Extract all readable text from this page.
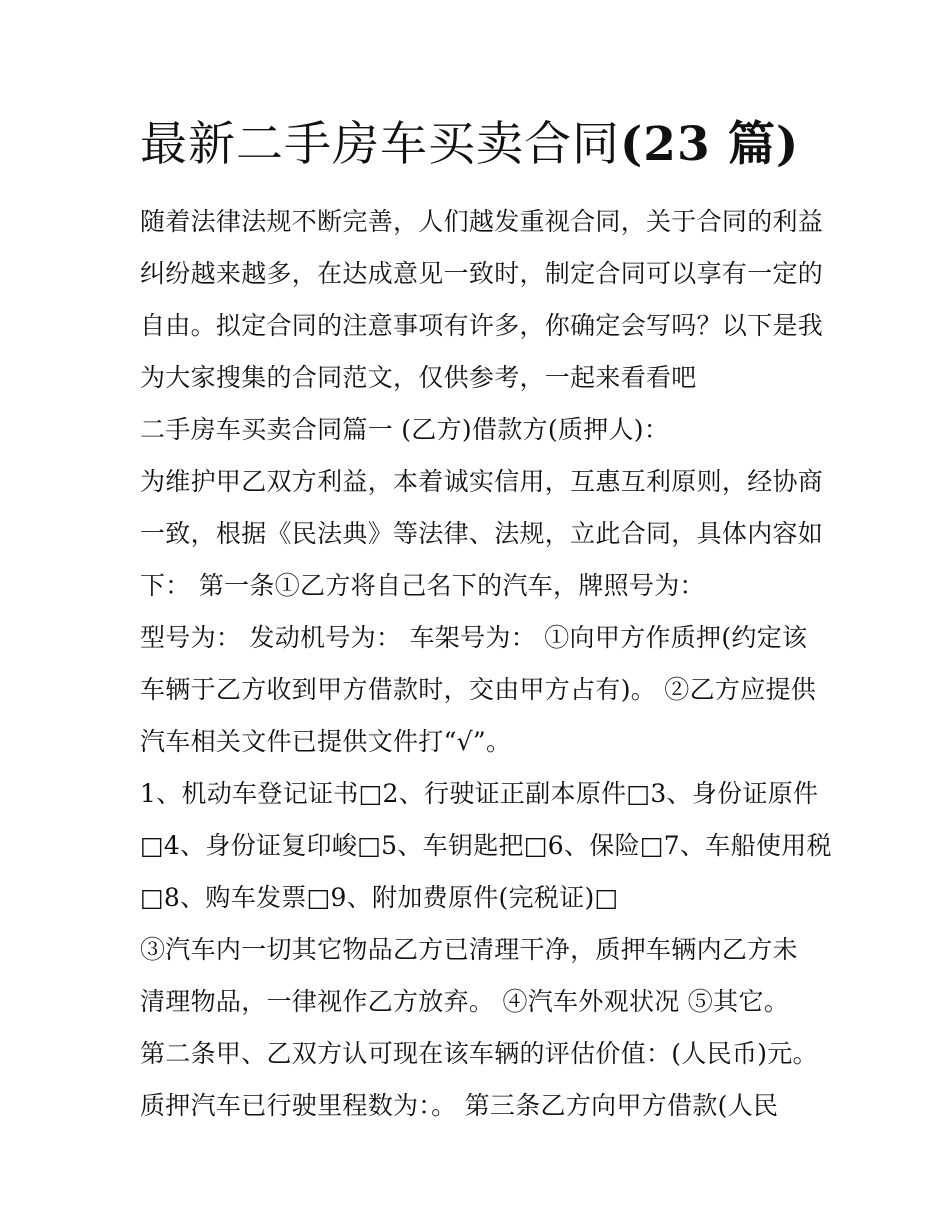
最新二手房车买卖合同(23 篇)
随着法律法规不断完善，人们越发重视合同，关于合同的利益
纠纷越来越多，在达成意见一致时，制定合同可以享有一定的
自由。拟定合同的注意事项有许多，你确定会写吗？以下是我
为大家搜集的合同范文，仅供参考，一起来看看吧
二手房车买卖合同篇一 (乙方)借款方(质押人)：
为维护甲乙双方利益，本着诚实信用，互惠互利原则，经协商
一致，根据《民法典》等法律、法规，立此合同，具体内容如
下： 第一条①乙方将自己名下的汽车，牌照号为：
型号为： 发动机号为： 车架号为： ①向甲方作质押(约定该
车辆于乙方收到甲方借款时，交由甲方占有)。 ②乙方应提供
汽车相关文件已提供文件打“√”。
1、机动车登记证书□2、行驶证正副本原件□3、身份证原件
□4、身份证复印峻□5、车钥匙把□6、保险□7、车船使用税
□8、购车发票□9、附加费原件(完税证)□
③汽车内一切其它物品乙方已清理干净，质押车辆内乙方未
清理物品，一律视作乙方放弃。 ④汽车外观状况 ⑤其它。
第二条甲、乙双方认可现在该车辆的评估价值：(人民币)元。
质押汽车已行驶里程数为：。 第三条乙方向甲方借款(人民
